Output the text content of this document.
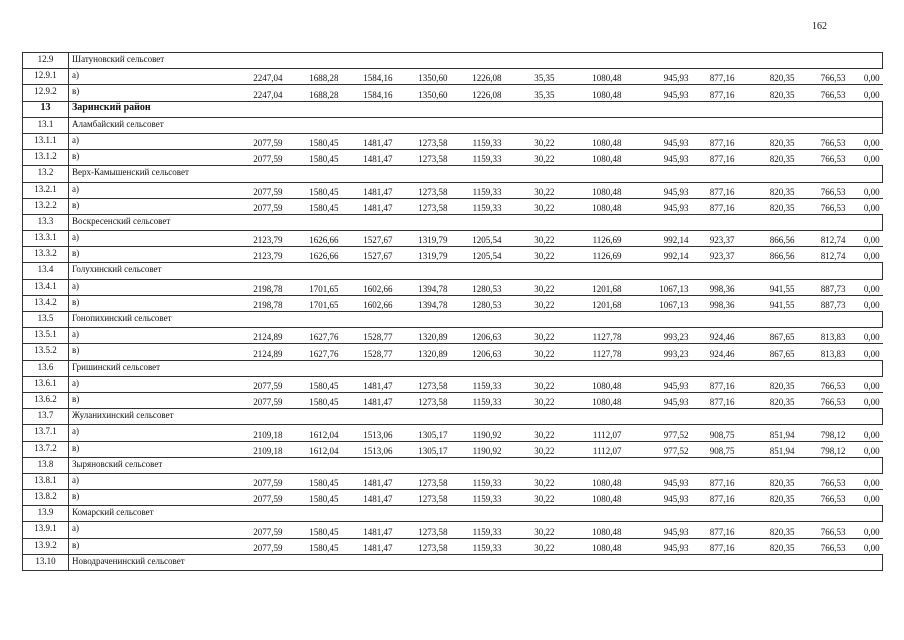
162
12.9	Шатуновский сельсовет												
12.9.1	а)	2247,04	1688,28	1584,16	1350,60	1226,08	35,35	1080,48	945,93	877,16	820,35	766,53	0,00
12.9.2	в)	2247,04	1688,28	1584,16	1350,60	1226,08	35,35	1080,48	945,93	877,16	820,35	766,53	0,00
13	Заринский район												
13.1	Аламбайский сельсовет												
13.1.1	а)	2077,59	1580,45	1481,47	1273,58	1159,33	30,22	1080,48	945,93	877,16	820,35	766,53	0,00
13.1.2	в)	2077,59	1580,45	1481,47	1273,58	1159,33	30,22	1080,48	945,93	877,16	820,35	766,53	0,00
13.2	Верх-Камышенский сельсовет												
13.2.1	а)	2077,59	1580,45	1481,47	1273,58	1159,33	30,22	1080,48	945,93	877,16	820,35	766,53	0,00
13.2.2	в)	2077,59	1580,45	1481,47	1273,58	1159,33	30,22	1080,48	945,93	877,16	820,35	766,53	0,00
13.3	Воскресенский сельсовет												
13.3.1	а)	2123,79	1626,66	1527,67	1319,79	1205,54	30,22	1126,69	992,14	923,37	866,56	812,74	0,00
13.3.2	в)	2123,79	1626,66	1527,67	1319,79	1205,54	30,22	1126,69	992,14	923,37	866,56	812,74	0,00
13.4	Голухинский сельсовет												
13.4.1	а)	2198,78	1701,65	1602,66	1394,78	1280,53	30,22	1201,68	1067,13	998,36	941,55	887,73	0,00
13.4.2	в)	2198,78	1701,65	1602,66	1394,78	1280,53	30,22	1201,68	1067,13	998,36	941,55	887,73	0,00
13.5	Гонопихинский сельсовет												
13.5.1	а)	2124,89	1627,76	1528,77	1320,89	1206,63	30,22	1127,78	993,23	924,46	867,65	813,83	0,00
13.5.2	в)	2124,89	1627,76	1528,77	1320,89	1206,63	30,22	1127,78	993,23	924,46	867,65	813,83	0,00
13.6	Гришинский сельсовет												
13.6.1	а)	2077,59	1580,45	1481,47	1273,58	1159,33	30,22	1080,48	945,93	877,16	820,35	766,53	0,00
13.6.2	в)	2077,59	1580,45	1481,47	1273,58	1159,33	30,22	1080,48	945,93	877,16	820,35	766,53	0,00
13.7	Жуланихинский сельсовет												
13.7.1	а)	2109,18	1612,04	1513,06	1305,17	1190,92	30,22	1112,07	977,52	908,75	851,94	798,12	0,00
13.7.2	в)	2109,18	1612,04	1513,06	1305,17	1190,92	30,22	1112,07	977,52	908,75	851,94	798,12	0,00
13.8	Зыряновский сельсовет												
13.8.1	а)	2077,59	1580,45	1481,47	1273,58	1159,33	30,22	1080,48	945,93	877,16	820,35	766,53	0,00
13.8.2	в)	2077,59	1580,45	1481,47	1273,58	1159,33	30,22	1080,48	945,93	877,16	820,35	766,53	0,00
13.9	Комарский сельсовет												
13.9.1	а)	2077,59	1580,45	1481,47	1273,58	1159,33	30,22	1080,48	945,93	877,16	820,35	766,53	0,00
13.9.2	в)	2077,59	1580,45	1481,47	1273,58	1159,33	30,22	1080,48	945,93	877,16	820,35	766,53	0,00
13.10	Новодраченинский сельсовет												
